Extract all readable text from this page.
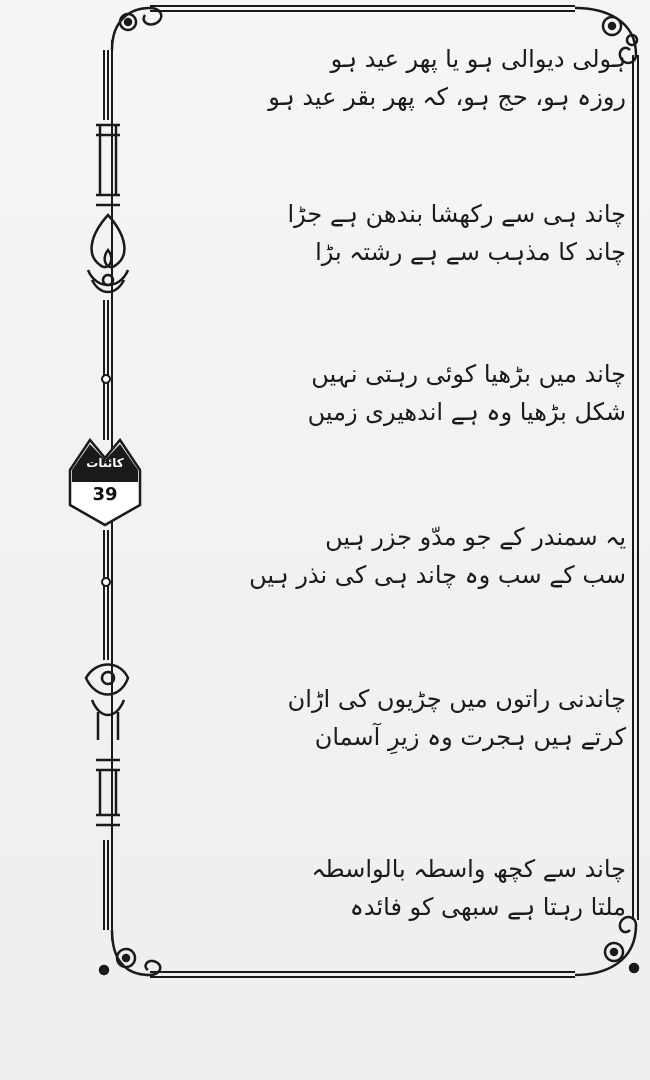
کائنات
39
ہولی دیوالی ہو یا پھر عید ہو
روزہ ہو، حج ہو، کہ پھر بقر عید ہو
چاند ہی سے رکھشا بندھن ہے جڑا
چاند کا مذہب سے ہے رشتہ بڑا
چاند میں بڑھیا کوئی رہتی نہیں
شکل بڑھیا وہ ہے اندھیری زمیں
یہ سمندر کے جو مدّو جزر ہیں
سب کے سب وہ چاند ہی کی نذر ہیں
چاندنی راتوں میں چڑیوں کی اڑان
کرتے ہیں ہجرت وہ زیرِ آسمان
چاند سے کچھ واسطہ بالواسطہ
ملتا رہتا ہے سبھی کو فائدہ
